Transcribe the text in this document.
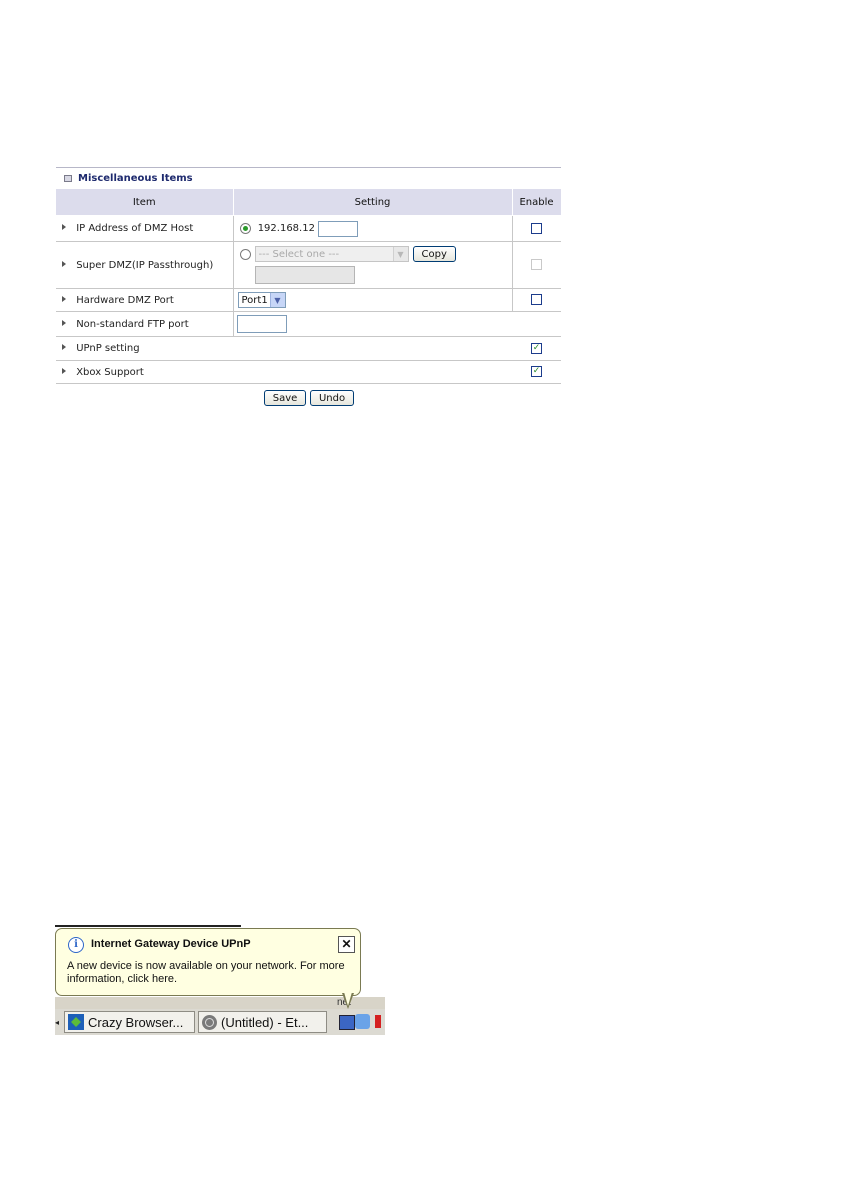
Miscellaneous Items
Item	Setting	Enable
IP Address of DMZ Host	192.168.12	
Super DMZ(IP Passthrough)	--- Select one --- ▼ Copy	

Hardware DMZ Port	Port1 ▼	

Non-standard FTP port		
UPnP setting		✓
Xbox Support		✓
Save	Undo
net
i	Internet Gateway Device UPnP	✕
A new device is now available on your network. For more information, click here.
◂ Crazy Browser...	(Untitled) - Et...
